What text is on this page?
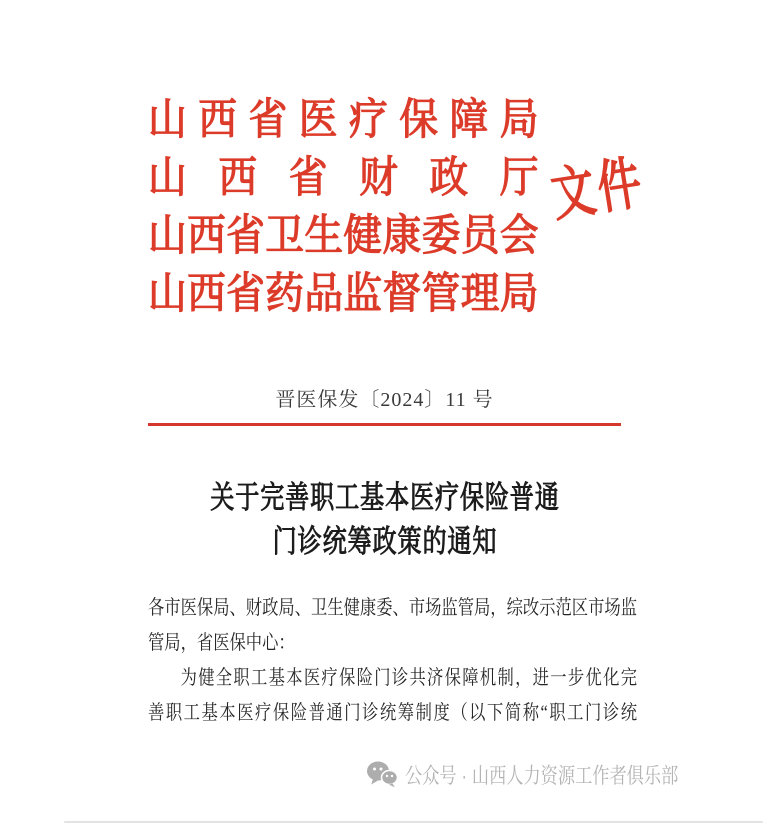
山西省医疗保障局
山西省财政厅
山西省卫生健康委员会
山西省药品监督管理局
文件
晋医保发〔2024〕11 号
关于完善职工基本医疗保险普通
门诊统筹政策的通知
各市医保局、财政局、卫生健康委、市场监管局，综改示范区市场监
管局，省医保中心：
为健全职工基本医疗保险门诊共济保障机制，进一步优化完
善职工基本医疗保险普通门诊统筹制度（以下简称“职工门诊统
公众号 · 山西人力资源工作者俱乐部
